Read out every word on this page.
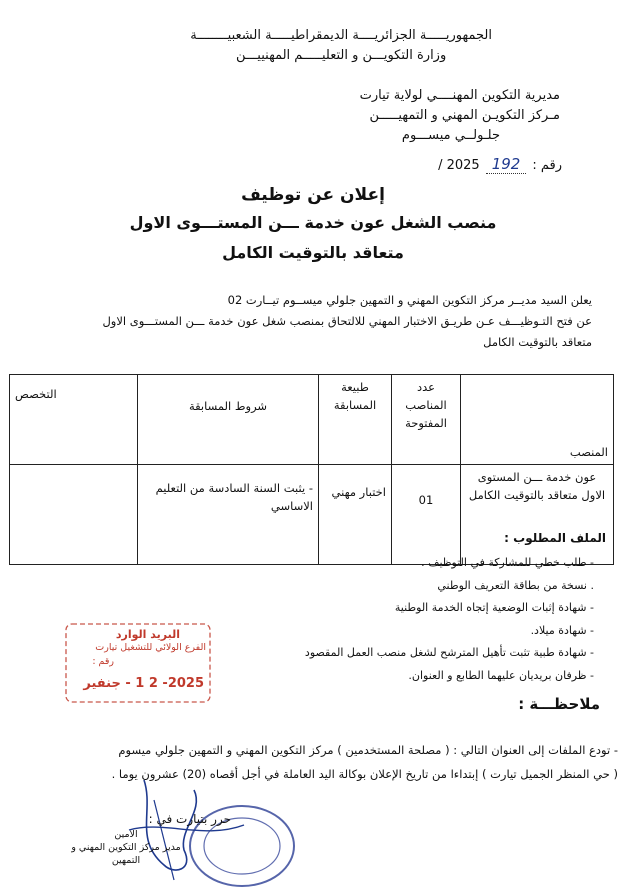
الجمهوريـــــة الجزائريــــة الديمقراطيـــــة الشعبيــــــــة
وزارة التكويـــن و التعليـــــم المهنييـــن
مديرية التكوين المهنــــي لولاية تيارت
مـركز التكويـن المهني و التمهيـــــن
جلـولــي ميســـوم
رقم :
192
2025 /
إعلان عن توظيف
منصب الشغل عون خدمة ـــن المستـــوى الاول
متعاقد بالتوقيت الكامل
يعلن السيد مديــر مركز التكوين المهني و التمهين جلولي ميســوم تيــارت 02
عن فتح التـوظيـــف عـن طريـق الاختبار المهني للالتحاق بمنصب شغل عون خدمة ـــن المستـــوى الاول
متعاقد بالتوقيت الكامل
المنصب	عدد المناصب المفتوحة	طبيعة المسابقة	شروط المسابقة	التخصص
عون خدمة ـــن المستوى الاول متعاقد بالتوقيت الكامل	01	اختبار مهني	- يثبت السنة السادسة من التعليم الاساسي	
الملف المطلوب :
- طلب خطي للمشاركة في التوظيف .
. نسخة من بطاقة التعريف الوطني
- شهادة إثبات الوضعية إتجاه الخدمة الوطنية
- شهادة ميلاد.
- شهادة طبية تثبت تأهيل المترشح لشغل منصب العمل المقصود
- ظرفان بريديان عليهما الطابع و العنوان.
البريد الوارد
الفرع الولائي للتشغيل تيارت
رقم :
2025- 2 1 - جنفير
ملاحظـــة :
- تودع الملفات إلى العنوان التالي : ( مصلحة المستخدمين ) مركز التكوين المهني و التمهين جلولي ميسوم
( حي المنظر الجميل تيارت ) إبتداءا من تاريخ الإعلان بوكالة اليد العاملة في أجل أقصاه (20) عشرون يوما .
حرر بتيارت في :
الامين
مدير مركز التكوين المهني و التمهين
